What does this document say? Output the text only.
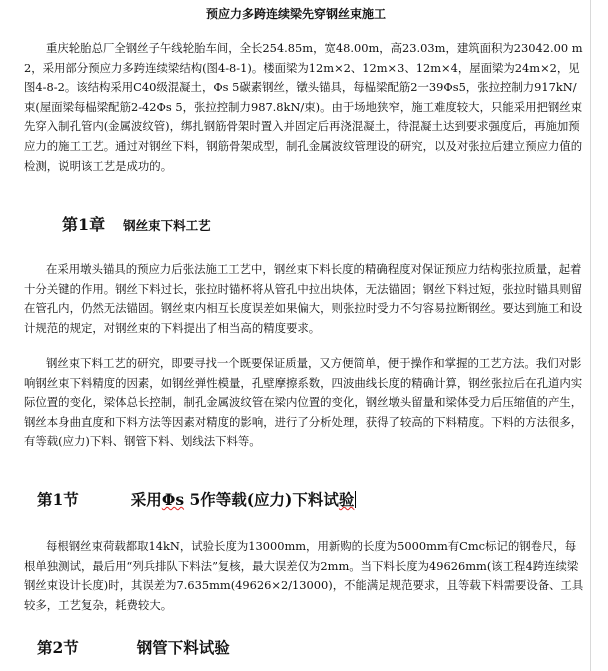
预应力多跨连续梁先穿钢丝束施工

重庆轮胎总厂全钢丝子午线轮胎车间，全长254.85m，宽48.00m，高23.03m，建筑面积为23042.00 m2，采用部分预应力多跨连续梁结构(图4-8-1)。楼面梁为12m×2、12m×3、12m×4，屋面梁为24m×2，见图4-8-2。该结构采用C40级混凝土，Φs 5碳素钢丝，镦头锚具，每榀梁配筋2一39Φs5，张拉控制力917kN/束(屋面梁每榀梁配筋2-42Φs 5，张拉控制力987.8kN/束)。由于场地狭窄，施工难度较大，只能采用把钢丝束先穿入制孔管内(金属波纹管)，绑扎钢筋骨架时置入并固定后再浇混凝土，待混凝土达到要求强度后，再施加预应力的施工工艺。通过对钢丝下料，钢筋骨架成型，制孔金属波纹管理设的研究，以及对张拉后建立预应力值的检测，说明该工艺是成功的。

第1章 钢丝束下料工艺

在采用墩头锚具的预应力后张法施工工艺中，钢丝束下料长度的精确程度对保证预应力结构张拉质量，起着十分关键的作用。钢丝下料过长，张拉时锚杯将从管孔中拉出块体，无法锚固；钢丝下料过短，张拉时锚具则留在管孔内，仍然无法锚固。钢丝束内相互长度误差如果偏大，则张拉时受力不匀容易拉断钢丝。要达到施工和设计规范的规定，对钢丝束的下料提出了相当高的精度要求。

钢丝束下料工艺的研究，即要寻找一个既要保证质量，又方便简单，便于操作和掌握的工艺方法。我们对影响钢丝束下料精度的因素，如钢丝弹性模量，孔壁摩擦系数，四波曲线长度的精确计算，钢丝张拉后在孔道内实际位置的变化，梁体总长控制，制孔金属波纹管在梁内位置的变化，钢丝墩头留量和梁体受力后压缩值的产生，钢丝本身曲直度和下料方法等因素对精度的影响，进行了分析处理，获得了较高的下料精度。下料的方法很多，有等载(应力)下料、钢管下料、划线法下料等。

第1节	采用Φs 5作等载(应力)下料试验

每根钢丝束荷载都取14kN，试验长度为13000mm，用新购的长度为5000mm有Cmc标记的钢卷尺，每根单独测试，最后用“列兵排队下料法”复核，最大误差仅为2mm。当下料长度为49626mm(该工程4跨连续梁钢丝束设计长度)时，其误差为7.635mm(49626×2/13000)，不能满足规范要求，且等载下料需要设备、工具较多，工艺复杂，耗费较大。

第2节	钢管下料试验
